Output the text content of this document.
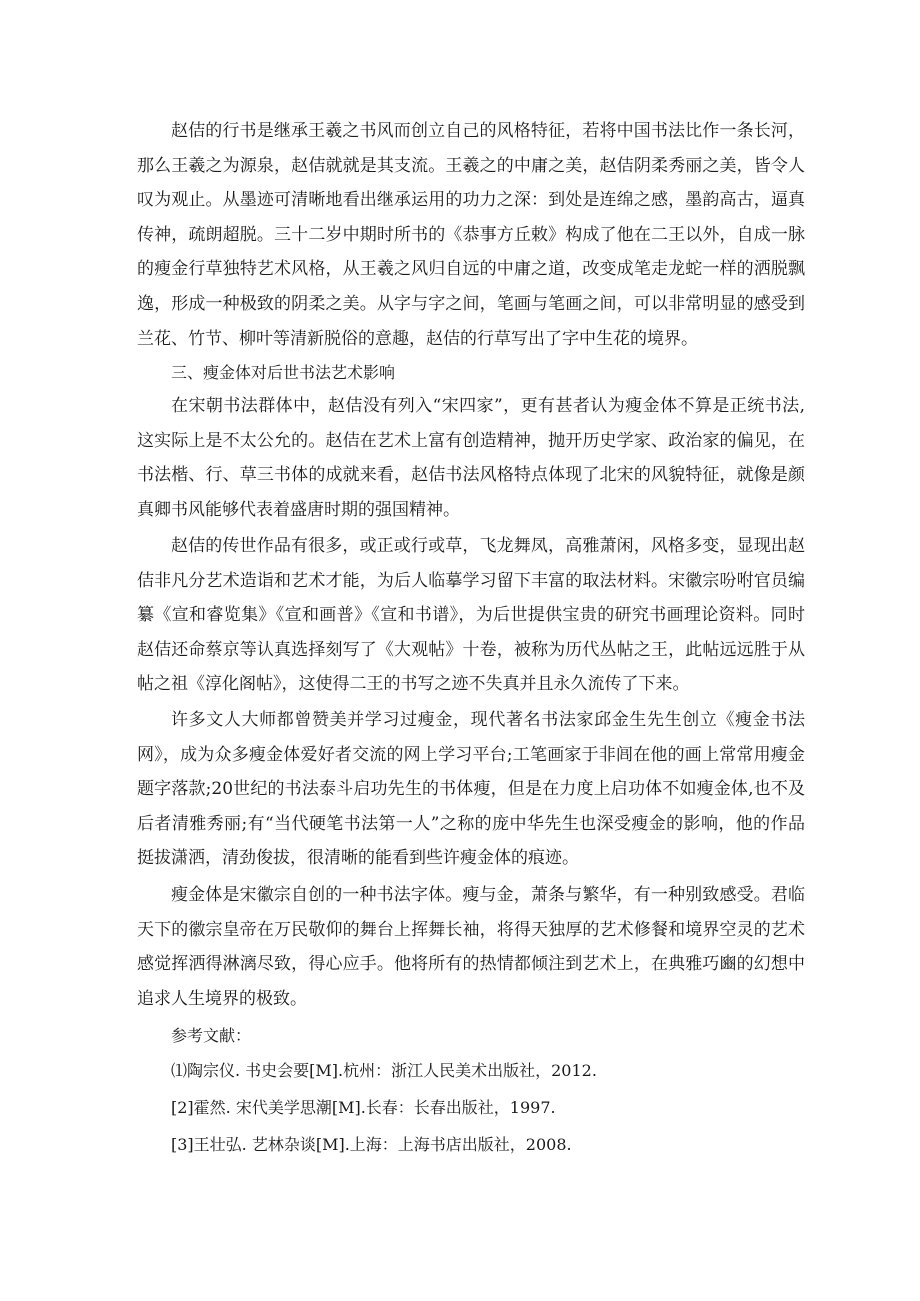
赵佶的行书是继承王羲之书风而创立自己的风格特征，若将中国书法比作一条长河，那么王羲之为源泉，赵佶就就是其支流。王羲之的中庸之美，赵佶阴柔秀丽之美，皆令人叹为观止。从墨迹可清晰地看出继承运用的功力之深：到处是连绵之感，墨韵高古，逼真传神，疏朗超脱。三十二岁中期时所书的《恭事方丘敕》构成了他在二王以外，自成一脉的瘦金行草独特艺术风格，从王羲之风归自远的中庸之道，改变成笔走龙蛇一样的洒脱飘逸，形成一种极致的阴柔之美。从字与字之间，笔画与笔画之间，可以非常明显的感受到兰花、竹节、柳叶等清新脱俗的意趣，赵佶的行草写出了字中生花的境界。

三、瘦金体对后世书法艺术影响

在宋朝书法群体中，赵佶没有列入“宋四家”，更有甚者认为瘦金体不算是正统书法,这实际上是不太公允的。赵佶在艺术上富有创造精神，抛开历史学家、政治家的偏见，在书法楷、行、草三书体的成就来看，赵佶书法风格特点体现了北宋的风貌特征，就像是颜真卿书风能够代表着盛唐时期的强国精神。

赵佶的传世作品有很多，或正或行或草，飞龙舞凤，高雅萧闲，风格多变，显现出赵佶非凡分艺术造诣和艺术才能，为后人临摹学习留下丰富的取法材料。宋徽宗吩咐官员编纂《宣和睿览集》《宣和画普》《宣和书谱》，为后世提供宝贵的研究书画理论资料。同时赵佶还命蔡京等认真选择刻写了《大观帖》十卷，被称为历代丛帖之王，此帖远远胜于从帖之祖《淳化阁帖》，这使得二王的书写之迹不失真并且永久流传了下来。

许多文人大师都曾赞美并学习过瘦金，现代著名书法家邱金生先生创立《瘦金书法网》，成为众多瘦金体爱好者交流的网上学习平台;工笔画家于非闾在他的画上常常用瘦金题字落款;20世纪的书法泰斗启功先生的书体瘦，但是在力度上启功体不如瘦金体,也不及后者清雅秀丽;有“当代硬笔书法第一人”之称的庞中华先生也深受瘦金的影响，他的作品挺拔潇洒，清劲俊拔，很清晰的能看到些许瘦金体的痕迹。

瘦金体是宋徽宗自创的一种书法字体。瘦与金，萧条与繁华，有一种别致感受。君临天下的徽宗皇帝在万民敬仰的舞台上挥舞长袖，将得天独厚的艺术修餐和境界空灵的艺术感觉挥洒得淋漓尽致，得心应手。他将所有的热情都倾注到艺术上，在典雅巧豳的幻想中追求人生境界的极致。

参考文献：

⑴陶宗仪. 书史会要[M].杭州：浙江人民美术出版社，2012.

[2]霍然. 宋代美学思潮[M].长春：长春出版社，1997.

[3]王壮弘. 艺林杂谈[M].上海：上海书店出版社，2008.
